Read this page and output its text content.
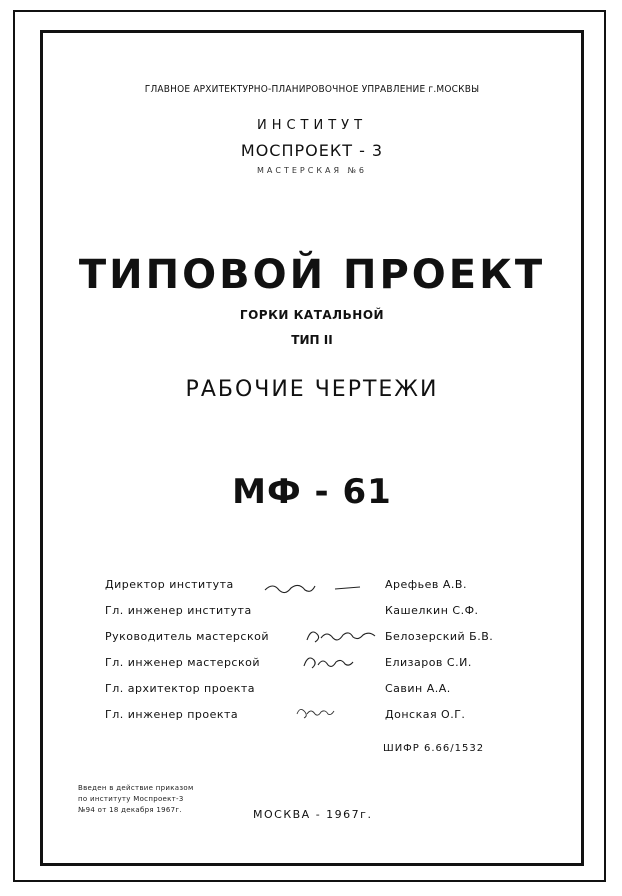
ГЛАВНОЕ АРХИТЕКТУРНО-ПЛАНИРОВОЧНОЕ УПРАВЛЕНИЕ г.МОСКВЫ
ИНСТИТУТ
МОСПРОЕКТ - 3
МАСТЕРСКАЯ №6
ТИПОВОЙ ПРОЕКТ
ГОРКИ КАТАЛЬНОЙ
ТИП II
РАБОЧИЕ ЧЕРТЕЖИ
МФ - 61
Директор института	Арефьев А.В.
Гл. инженер института	Кашелкин С.Ф.
Руководитель мастерской	Белозерский Б.В.
Гл. инженер мастерской	Елизаров С.И.
Гл. архитектор проекта	Савин А.А.
Гл. инженер проекта	Донская О.Г.
ШИФР 6.66/1532
Введен в действие приказом
по институту Моспроект-3
№94 от 18 декабря 1967г.	МОСКВА - 1967г.
